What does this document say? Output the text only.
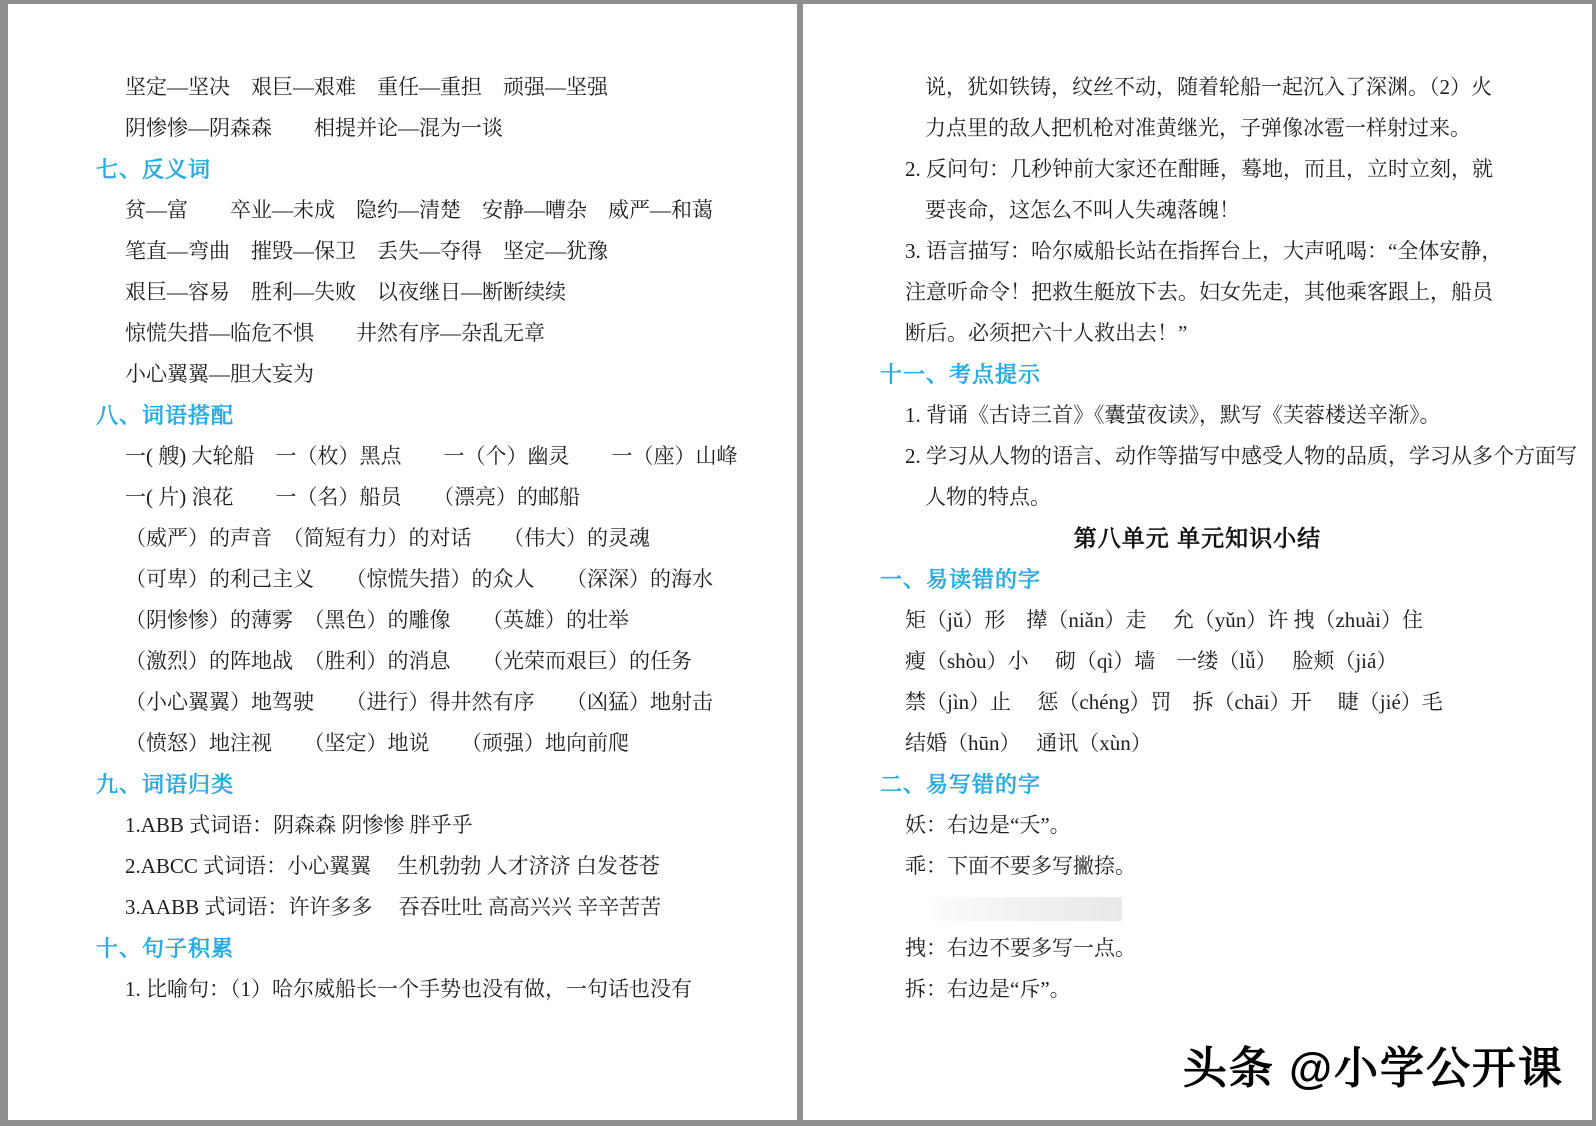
坚定—坚决　艰巨—艰难　重任—重担　顽强—坚强
阴惨惨—阴森森　　相提并论—混为一谈
七、反义词
贫—富　　卒业—未成　隐约—清楚　安静—嘈杂　威严—和蔼
笔直—弯曲　摧毁—保卫　丢失—夺得　坚定—犹豫
艰巨—容易　胜利—失败　以夜继日—断断续续
惊慌失措—临危不惧　　井然有序—杂乱无章
小心翼翼—胆大妄为
八、词语搭配
一( 艘) 大轮船　一（枚）黑点　　一（个）幽灵　　一（座）山峰
一( 片) 浪花　　一（名）船员　　（漂亮）的邮船
（威严）的声音　（简短有力）的对话　　（伟大）的灵魂
（可卑）的利己主义　　（惊慌失措）的众人　　（深深）的海水
（阴惨惨）的薄雾　（黑色）的雕像　　（英雄）的壮举
（激烈）的阵地战　（胜利）的消息　　（光荣而艰巨）的任务
（小心翼翼）地驾驶　　（进行）得井然有序　　（凶猛）地射击
（愤怒）地注视　　（坚定）地说　　（顽强）地向前爬
九、词语归类
1.ABB 式词语：阴森森 阴惨惨 胖乎乎
2.ABCC 式词语：小心翼翼　 生机勃勃 人才济济 白发苍苍
3.AABB 式词语：许许多多　 吞吞吐吐 高高兴兴 辛辛苦苦
十、句子积累
1. 比喻句：（1）哈尔威船长一个手势也没有做，一句话也没有
说，犹如铁铸，纹丝不动，随着轮船一起沉入了深渊。（2）火
力点里的敌人把机枪对准黄继光，子弹像冰雹一样射过来。
2. 反问句：几秒钟前大家还在酣睡，蓦地，而且，立时立刻，就
要丧命，这怎么不叫人失魂落魄！
3. 语言描写：哈尔威船长站在指挥台上，大声吼喝：“全体安静，
注意听命令！把救生艇放下去。妇女先走，其他乘客跟上，船员
断后。必须把六十人救出去！”
十一、考点提示
1. 背诵《古诗三首》《囊萤夜读》，默写《芙蓉楼送辛渐》。
2. 学习从人物的语言、动作等描写中感受人物的品质，学习从多个方面写
人物的特点。
第八单元 单元知识小结
一、易读错的字
矩（jǔ）形　撵（niǎn）走　 允（yǔn）许 拽（zhuài）住
瘦（shòu）小　 砌（qì）墙　一缕（lǚ）　 脸颊（jiá）
禁（jìn）止　 惩（chéng）罚　拆（chāi）开　 睫（jié）毛
结婚（hūn）　 通讯（xùn）
二、易写错的字
妖：右边是“夭”。
乖：下面不要多写撇捺。
拽：右边不要多写一点。
拆：右边是“斥”。
头条 @小学公开课
